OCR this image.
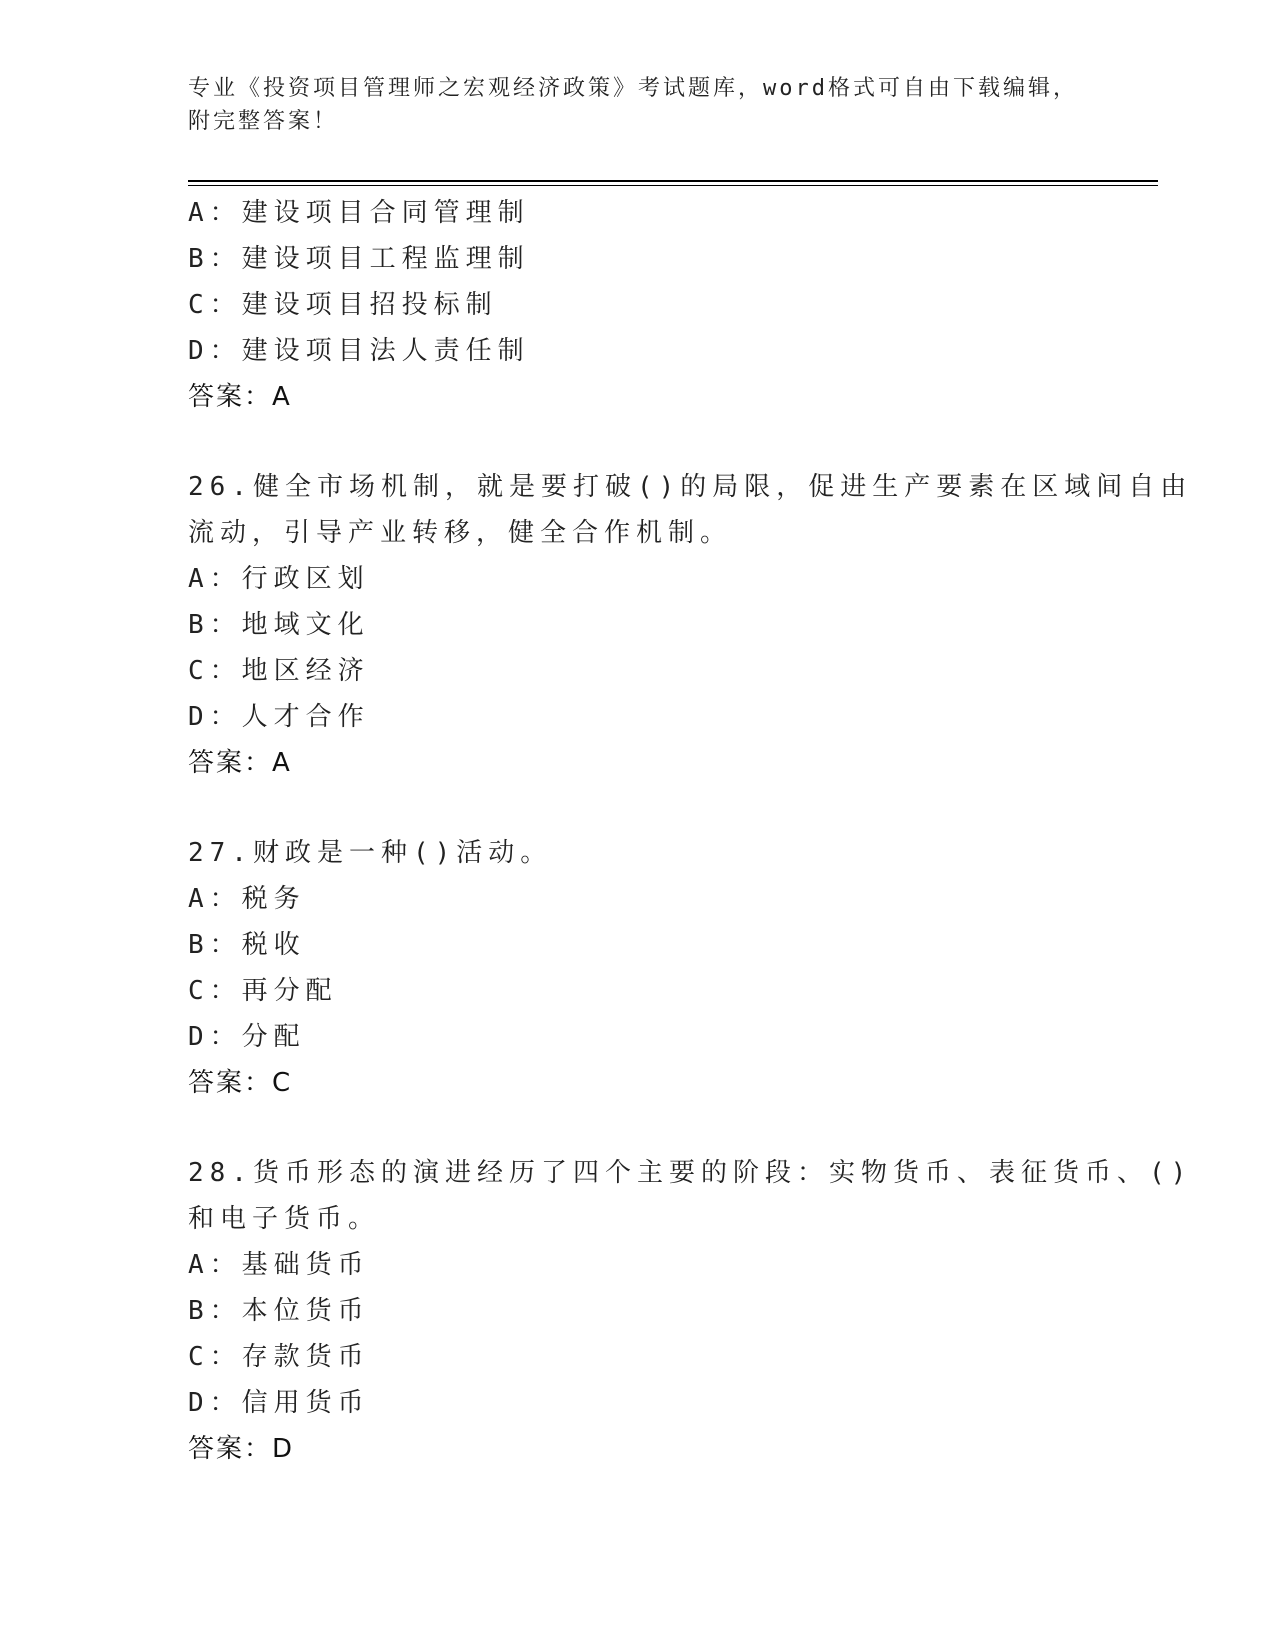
专业《投资项目管理师之宏观经济政策》考试题库，word格式可自由下载编辑，

附完整答案！

A：建设项目合同管理制
B：建设项目工程监理制
C：建设项目招投标制
D：建设项目法人责任制
答案：A
26.健全市场机制，就是要打破()的局限，促进生产要素在区域间自由
流动，引导产业转移，健全合作机制。
A：行政区划
B：地域文化
C：地区经济
D：人才合作
答案：A
27.财政是一种()活动。
A：税务
B：税收
C：再分配
D：分配
答案：C
28.货币形态的演进经历了四个主要的阶段：实物货币、表征货币、()
和电子货币。
A：基础货币
B：本位货币
C：存款货币
D：信用货币
答案：D
